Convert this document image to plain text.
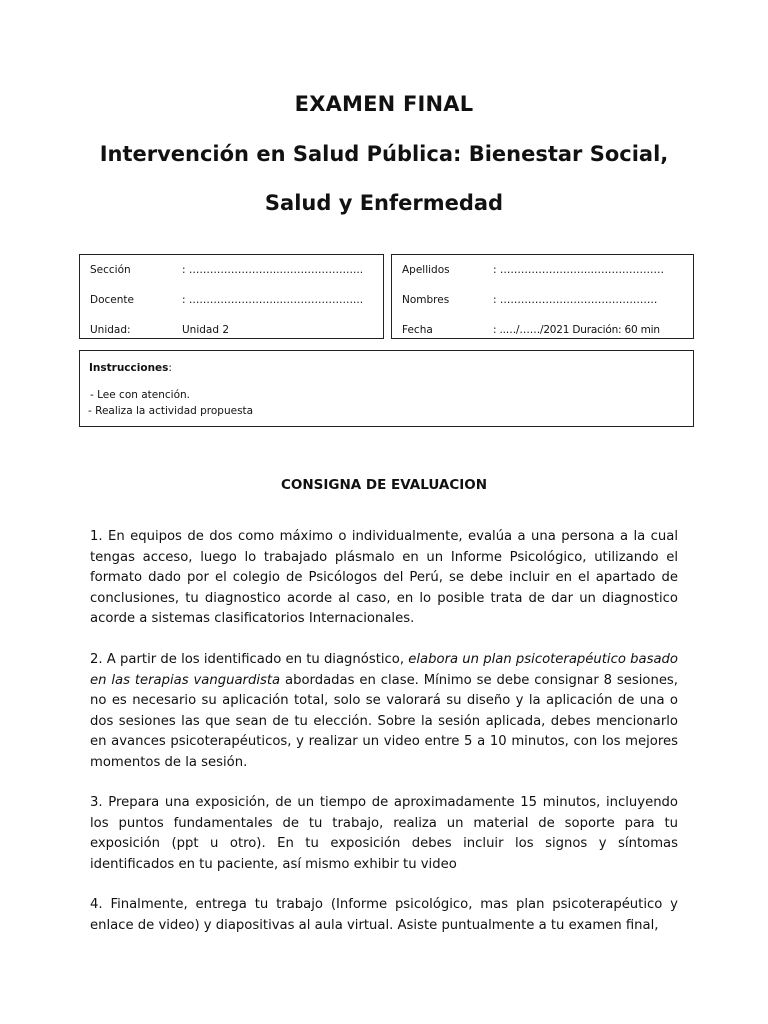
EXAMEN FINAL
Intervención en Salud Pública: Bienestar Social,
Salud y Enfermedad
Sección	: ……………………..…………………...
Docente	: ……………………..…………………...
Unidad:	Unidad 2
Apellidos	: ……………………..…………………
Nombres	: ………………………………………
Fecha	: ..…/……/2021 Duración: 60 min
Instrucciones:
- Lee con atención.
- Realiza la actividad propuesta
CONSIGNA DE EVALUACION

1. En equipos de dos como máximo o individualmente, evalúa a una persona a la cual tengas acceso, luego lo trabajado plásmalo en un Informe Psicológico, utilizando el formato dado por el colegio de Psicólogos del Perú, se debe incluir en el apartado de conclusiones, tu diagnostico acorde al caso, en lo posible trata de dar un diagnostico acorde a sistemas clasificatorios Internacionales.

2. A partir de los identificado en tu diagnóstico, elabora un plan psicoterapéutico basado en las terapias vanguardista abordadas en clase. Mínimo se debe consignar 8 sesiones, no es necesario su aplicación total, solo se valorará su diseño y la aplicación de una o dos sesiones las que sean de tu elección. Sobre la sesión aplicada, debes mencionarlo en avances psicoterapéuticos, y realizar un video entre 5 a 10 minutos, con los mejores momentos de la sesión.

3. Prepara una exposición, de un tiempo de aproximadamente 15 minutos, incluyendo los puntos fundamentales de tu trabajo, realiza un material de soporte para tu exposición (ppt u otro). En tu exposición debes incluir los signos y síntomas identificados en tu paciente, así mismo exhibir tu video

4. Finalmente, entrega tu trabajo (Informe psicológico, mas plan psicoterapéutico y enlace de video) y diapositivas al aula virtual. Asiste puntualmente a tu examen final,
